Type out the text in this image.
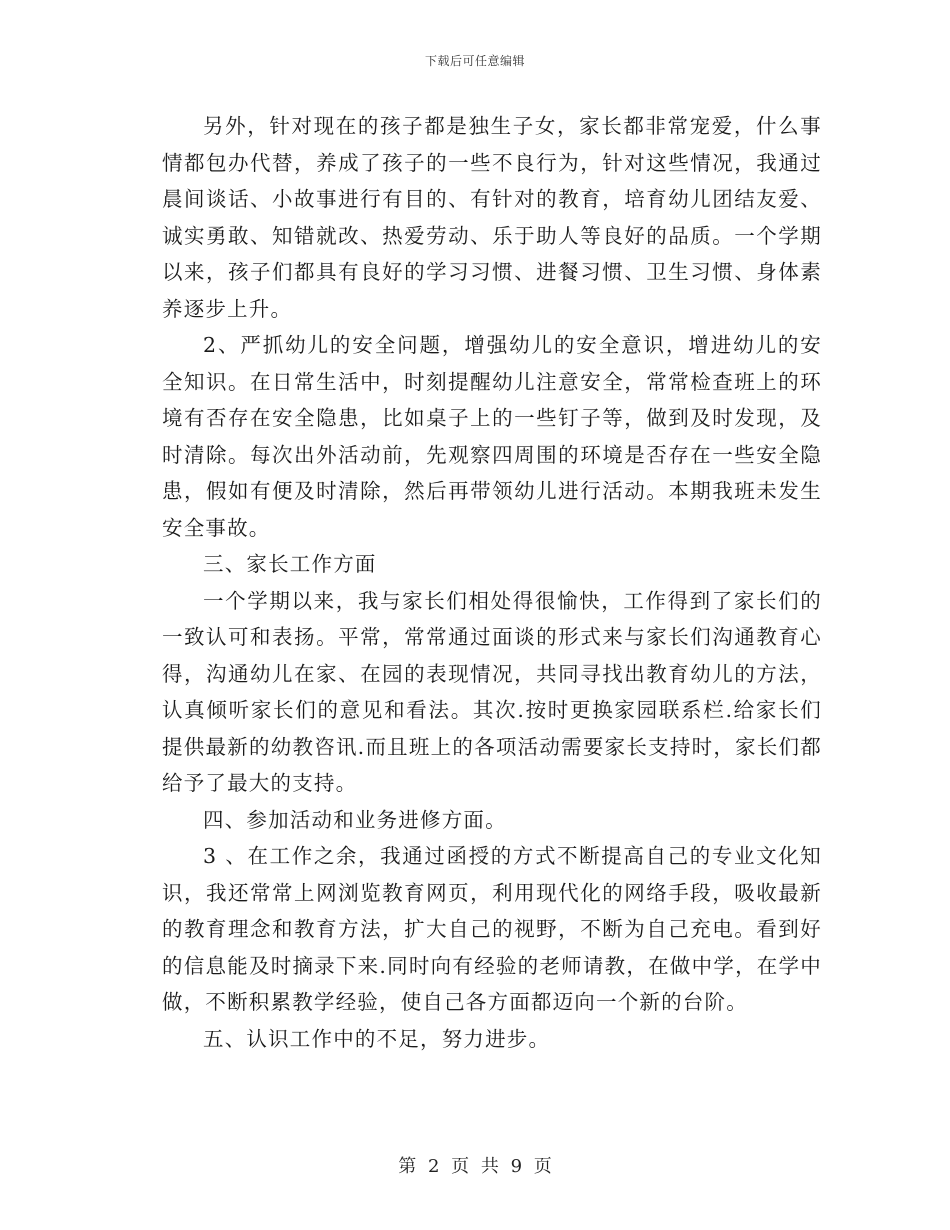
下载后可任意编辑

另外，针对现在的孩子都是独生子女，家长都非常宠爱，什么事情都包办代替，养成了孩子的一些不良行为，针对这些情况，我通过晨间谈话、小故事进行有目的、有针对的教育，培育幼儿团结友爱、诚实勇敢、知错就改、热爱劳动、乐于助人等良好的品质。一个学期以来，孩子们都具有良好的学习习惯、进餐习惯、卫生习惯、身体素养逐步上升。

2、严抓幼儿的安全问题，增强幼儿的安全意识，增进幼儿的安全知识。在日常生活中，时刻提醒幼儿注意安全，常常检查班上的环境有否存在安全隐患，比如桌子上的一些钉子等，做到及时发现，及时清除。每次出外活动前，先观察四周围的环境是否存在一些安全隐患，假如有便及时清除，然后再带领幼儿进行活动。本期我班未发生安全事故。

三、家长工作方面

一个学期以来，我与家长们相处得很愉快，工作得到了家长们的一致认可和表扬。平常，常常通过面谈的形式来与家长们沟通教育心得，沟通幼儿在家、在园的表现情况，共同寻找出教育幼儿的方法，认真倾听家长们的意见和看法。其次.按时更换家园联系栏.给家长们提供最新的幼教咨讯.而且班上的各项活动需要家长支持时，家长们都给予了最大的支持。

四、参加活动和业务进修方面。

3 、在工作之余，我通过函授的方式不断提高自己的专业文化知识，我还常常上网浏览教育网页，利用现代化的网络手段，吸收最新的教育理念和教育方法，扩大自己的视野，不断为自己充电。看到好的信息能及时摘录下来.同时向有经验的老师请教，在做中学，在学中做，不断积累教学经验，使自己各方面都迈向一个新的台阶。

五、认识工作中的不足，努力进步。

第 2 页 共 9 页
